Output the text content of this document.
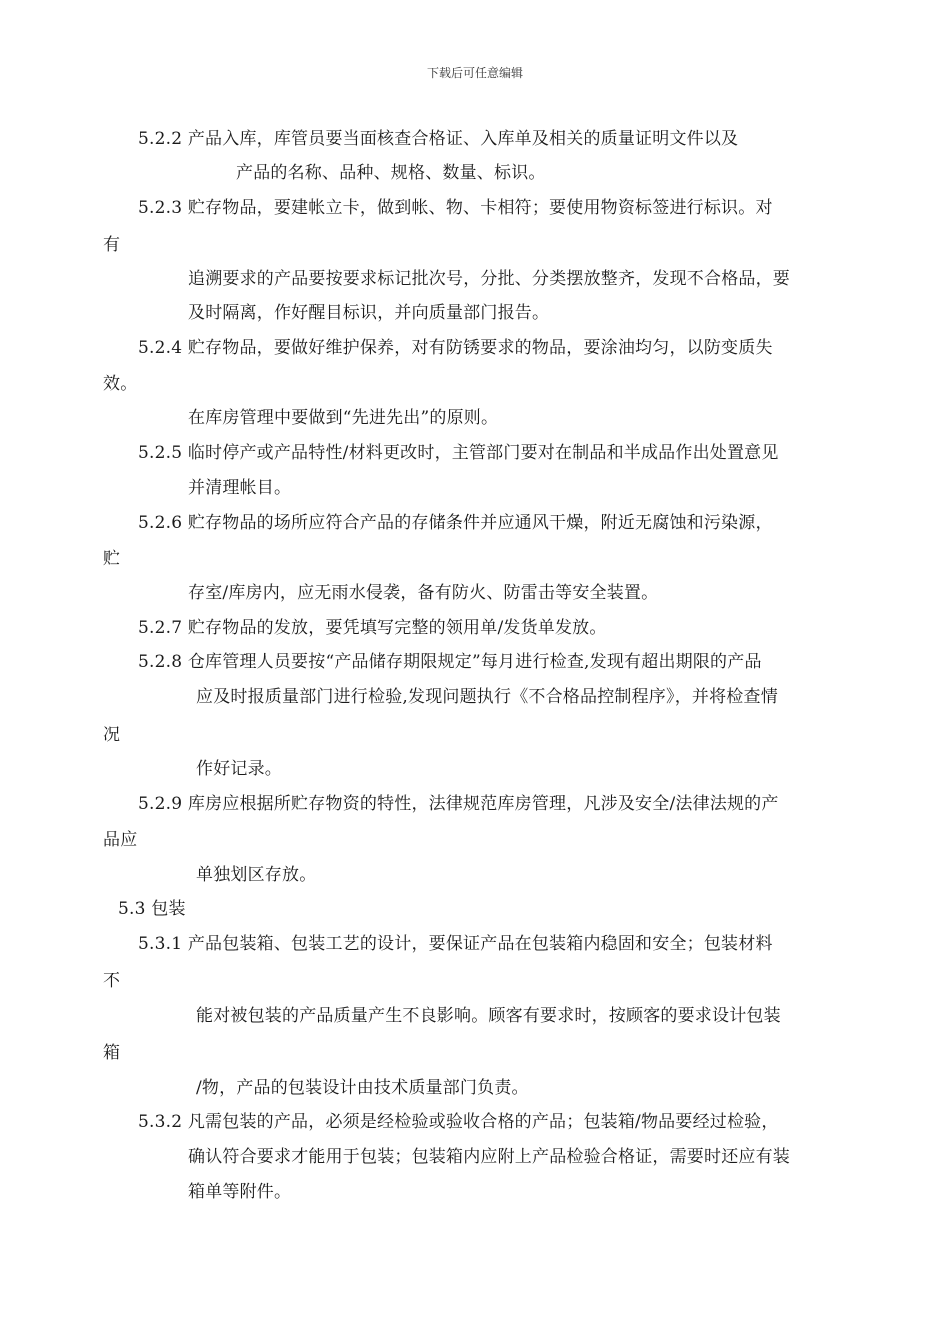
下载后可任意编辑
5.2.2 产品入库，库管员要当面核查合格证、入库单及相关的质量证明文件以及
产品的名称、品种、规格、数量、标识。
5.2.3 贮存物品，要建帐立卡，做到帐、物、卡相符；要使用物资标签进行标识。对
有
追溯要求的产品要按要求标记批次号，分批、分类摆放整齐，发现不合格品，要
及时隔离，作好醒目标识，并向质量部门报告。
5.2.4 贮存物品，要做好维护保养，对有防锈要求的物品，要涂油均匀，以防变质失
效。
在库房管理中要做到“先进先出”的原则。
5.2.5 临时停产或产品特性/材料更改时，主管部门要对在制品和半成品作出处置意见
并清理帐目。
5.2.6 贮存物品的场所应符合产品的存储条件并应通风干燥，附近无腐蚀和污染源，
贮
存室/库房内，应无雨水侵袭，备有防火、防雷击等安全装置。
5.2.7 贮存物品的发放，要凭填写完整的领用单/发货单发放。
5.2.8 仓库管理人员要按“产品储存期限规定”每月进行检查,发现有超出期限的产品
应及时报质量部门进行检验,发现问题执行《不合格品控制程序》，并将检查情
况
作好记录。
5.2.9 库房应根据所贮存物资的特性，法律规范库房管理，凡涉及安全/法律法规的产
品应
单独划区存放。
5.3 包装
5.3.1 产品包装箱、包装工艺的设计，要保证产品在包装箱内稳固和安全；包装材料
不
能对被包装的产品质量产生不良影响。顾客有要求时，按顾客的要求设计包装
箱
/物，产品的包装设计由技术质量部门负责。
5.3.2 凡需包装的产品，必须是经检验或验收合格的产品；包装箱/物品要经过检验，
确认符合要求才能用于包装；包装箱内应附上产品检验合格证，需要时还应有装
箱单等附件。
